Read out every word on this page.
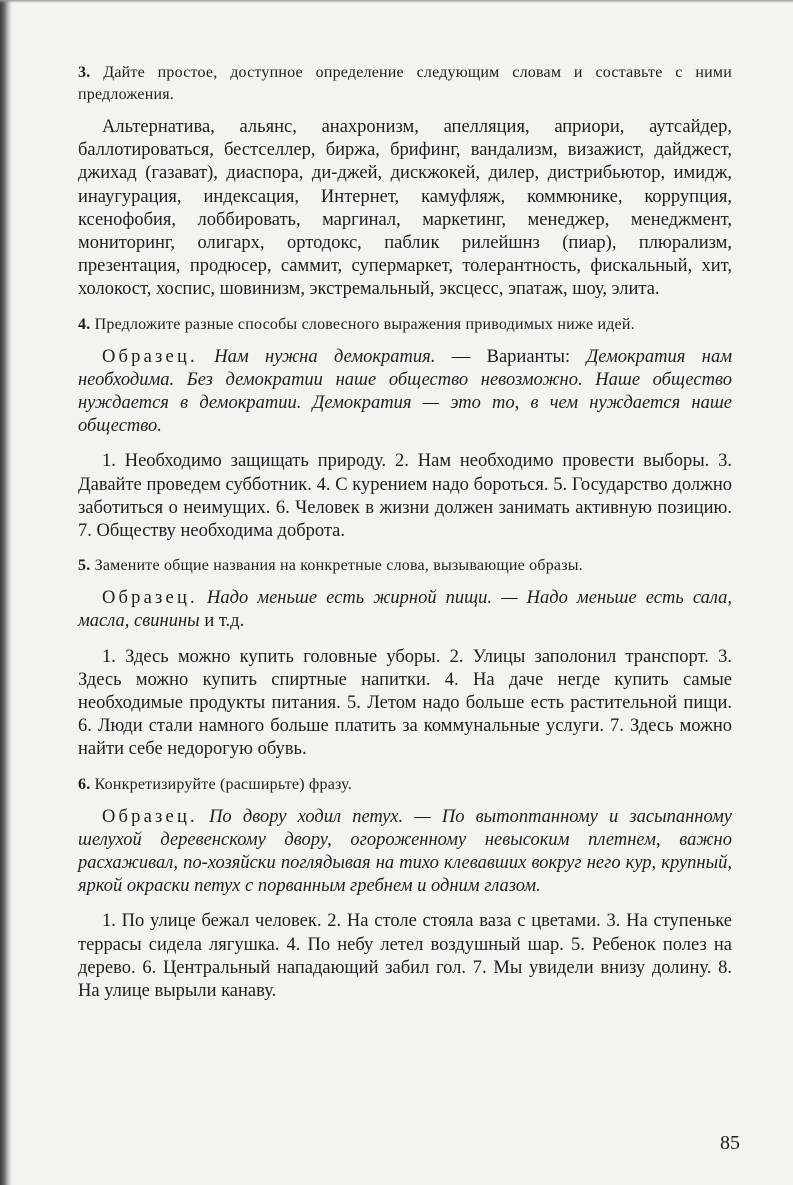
3. Дайте простое, доступное определение следующим словам и составьте с ними предложения.

Альтернатива, альянс, анахронизм, апелляция, априори, аутсайдер, баллотироваться, бестселлер, биржа, брифинг, вандализм, визажист, дайджест, джихад (газават), диаспора, ди-джей, дискжокей, дилер, дистрибьютор, имидж, инаугурация, индексация, Интернет, камуфляж, коммюнике, коррупция, ксенофобия, лоббировать, маргинал, маркетинг, менеджер, менеджмент, мониторинг, олигарх, ортодокс, паблик рилейшнз (пиар), плюрализм, презентация, продюсер, саммит, супермаркет, толерантность, фискальный, хит, холокост, хоспис, шовинизм, экстремальный, эксцесс, эпатаж, шоу, элита.

4. Предложите разные способы словесного выражения приводимых ниже идей.

Образец. Нам нужна демократия. — Варианты: Демократия нам необходима. Без демократии наше общество невозможно. Наше общество нуждается в демократии. Демократия — это то, в чем нуждается наше общество.

1. Необходимо защищать природу. 2. Нам необходимо провести выборы. 3. Давайте проведем субботник. 4. С курением надо бороться. 5. Государство должно заботиться о неимущих. 6. Человек в жизни должен занимать активную позицию. 7. Обществу необходима доброта.

5. Замените общие названия на конкретные слова, вызывающие образы.

Образец. Надо меньше есть жирной пищи. — Надо меньше есть сала, масла, свинины и т.д.

1. Здесь можно купить головные уборы. 2. Улицы заполонил транспорт. 3. Здесь можно купить спиртные напитки. 4. На даче негде купить самые необходимые продукты питания. 5. Летом надо больше есть растительной пищи. 6. Люди стали намного больше платить за коммунальные услуги. 7. Здесь можно найти себе недорогую обувь.

6. Конкретизируйте (расширьте) фразу.

Образец. По двору ходил петух. — По вытоптанному и засыпанному шелухой деревенскому двору, огороженному невысоким плетнем, важно расхаживал, по-хозяйски поглядывая на тихо клевавших вокруг него кур, крупный, яркой окраски петух с порванным гребнем и одним глазом.

1. По улице бежал человек. 2. На столе стояла ваза с цветами. 3. На ступеньке террасы сидела лягушка. 4. По небу летел воздушный шар. 5. Ребенок полез на дерево. 6. Центральный нападающий забил гол. 7. Мы увидели внизу долину. 8. На улице вырыли канаву.

85
